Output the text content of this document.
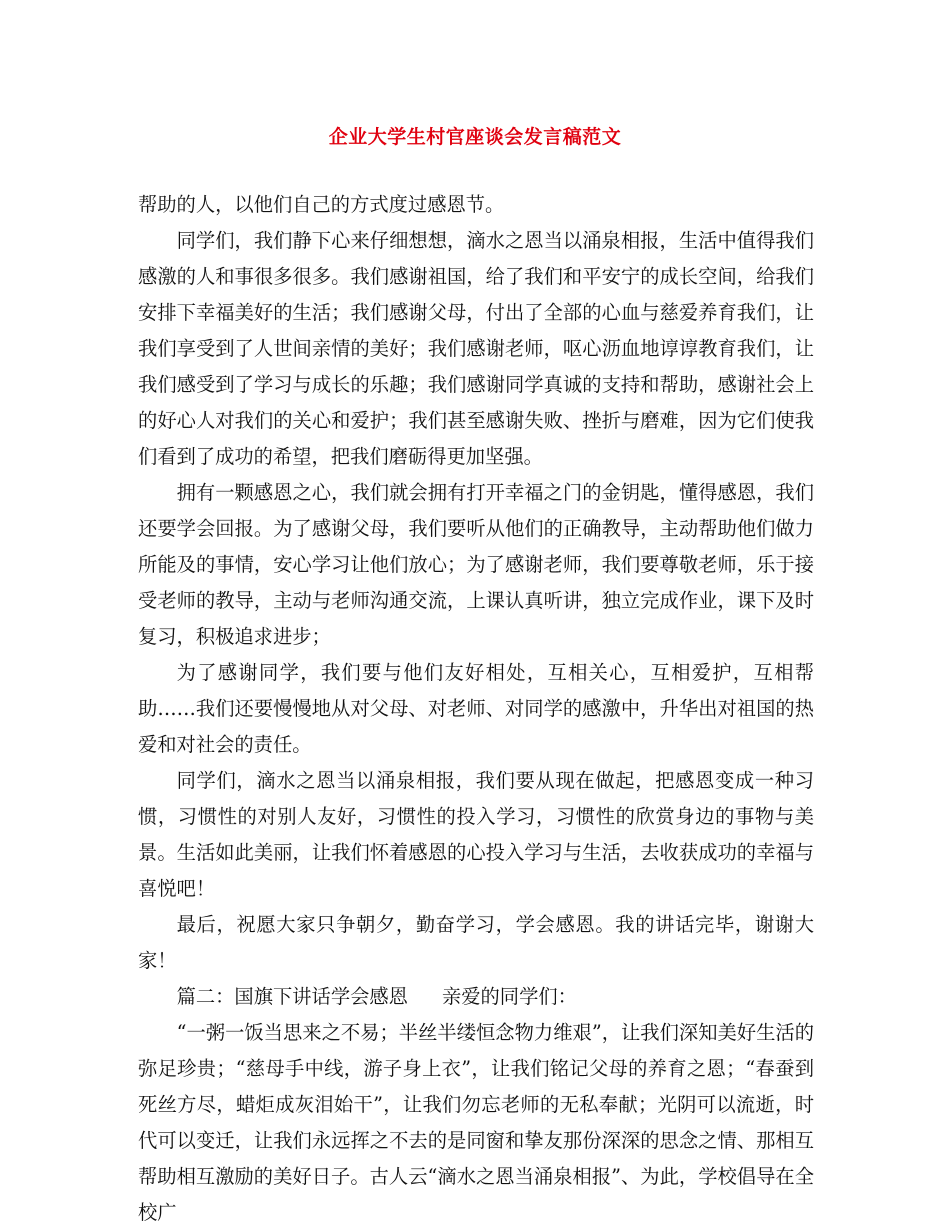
企业大学生村官座谈会发言稿范文

帮助的人，以他们自己的方式度过感恩节。

同学们，我们静下心来仔细想想，滴水之恩当以涌泉相报，生活中值得我们感激的人和事很多很多。我们感谢祖国，给了我们和平安宁的成长空间，给我们安排下幸福美好的生活；我们感谢父母，付出了全部的心血与慈爱养育我们，让我们享受到了人世间亲情的美好；我们感谢老师，呕心沥血地谆谆教育我们，让我们感受到了学习与成长的乐趣；我们感谢同学真诚的支持和帮助，感谢社会上的好心人对我们的关心和爱护；我们甚至感谢失败、挫折与磨难，因为它们使我们看到了成功的希望，把我们磨砺得更加坚强。

拥有一颗感恩之心，我们就会拥有打开幸福之门的金钥匙，懂得感恩，我们还要学会回报。为了感谢父母，我们要听从他们的正确教导，主动帮助他们做力所能及的事情，安心学习让他们放心；为了感谢老师，我们要尊敬老师，乐于接受老师的教导，主动与老师沟通交流，上课认真听讲，独立完成作业，课下及时复习，积极追求进步；

为了感谢同学，我们要与他们友好相处，互相关心，互相爱护，互相帮助……我们还要慢慢地从对父母、对老师、对同学的感激中，升华出对祖国的热爱和对社会的责任。

同学们，滴水之恩当以涌泉相报，我们要从现在做起，把感恩变成一种习惯，习惯性的对别人友好，习惯性的投入学习，习惯性的欣赏身边的事物与美景。生活如此美丽，让我们怀着感恩的心投入学习与生活，去收获成功的幸福与喜悦吧！

最后，祝愿大家只争朝夕，勤奋学习，学会感恩。我的讲话完毕，谢谢大家！

篇二：国旗下讲话学会感恩 亲爱的同学们：

“一粥一饭当思来之不易；半丝半缕恒念物力维艰”，让我们深知美好生活的弥足珍贵；“慈母手中线，游子身上衣”，让我们铭记父母的养育之恩；“春蚕到死丝方尽，蜡炬成灰泪始干”，让我们勿忘老师的无私奉献；光阴可以流逝，时代可以变迁，让我们永远挥之不去的是同窗和挚友那份深深的思念之情、那相互帮助相互激励的美好日子。古人云“滴水之恩当涌泉相报”、为此，学校倡导在全校广
